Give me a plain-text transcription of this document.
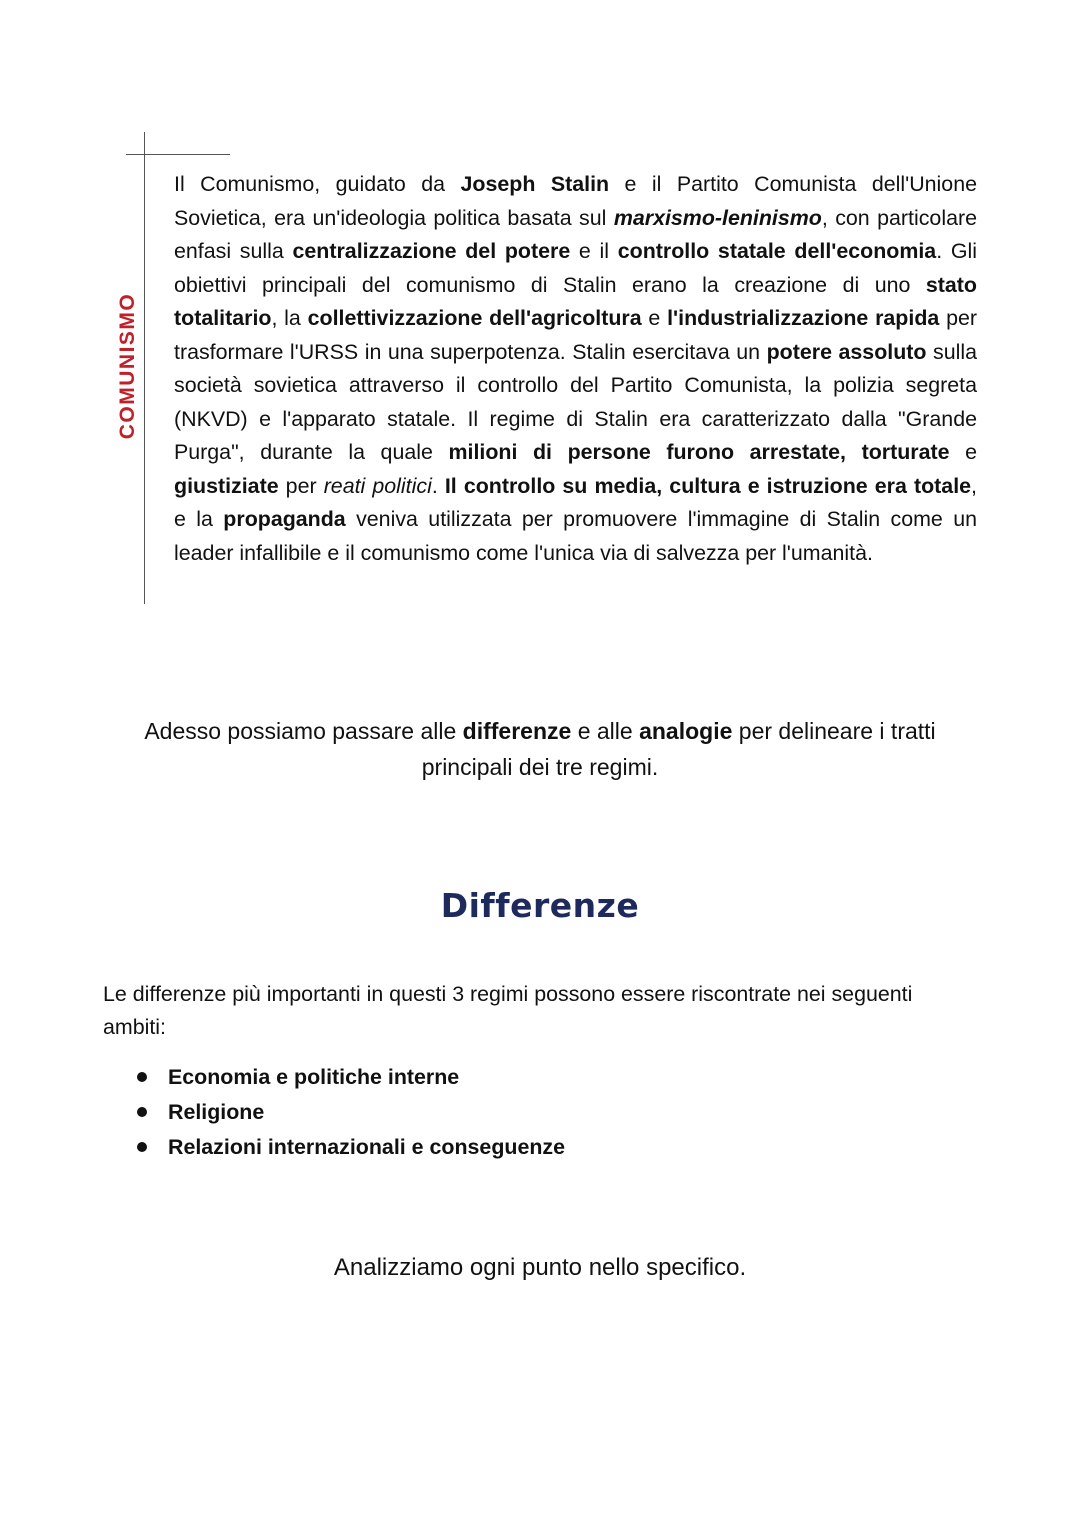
COMUNISMO

Il Comunismo, guidato da Joseph Stalin e il Partito Comunista dell'Unione Sovietica, era un'ideologia politica basata sul marxismo-leninismo, con particolare enfasi sulla centralizzazione del potere e il controllo statale dell'economia. Gli obiettivi principali del comunismo di Stalin erano la creazione di uno stato totalitario, la collettivizzazione dell'agricoltura e l'industrializzazione rapida per trasformare l'URSS in una superpotenza. Stalin esercitava un potere assoluto sulla società sovietica attraverso il controllo del Partito Comunista, la polizia segreta (NKVD) e l'apparato statale. Il regime di Stalin era caratterizzato dalla "Grande Purga", durante la quale milioni di persone furono arrestate, torturate e giustiziate per reati politici. Il controllo su media, cultura e istruzione era totale, e la propaganda veniva utilizzata per promuovere l'immagine di Stalin come un leader infallibile e il comunismo come l'unica via di salvezza per l'umanità.

Adesso possiamo passare alle differenze e alle analogie per delineare i tratti principali dei tre regimi.

Differenze

Le differenze più importanti in questi 3 regimi possono essere riscontrate nei seguenti ambiti:

Economia e politiche interne
Religione
Relazioni internazionali e conseguenze

Analizziamo ogni punto nello specifico.
